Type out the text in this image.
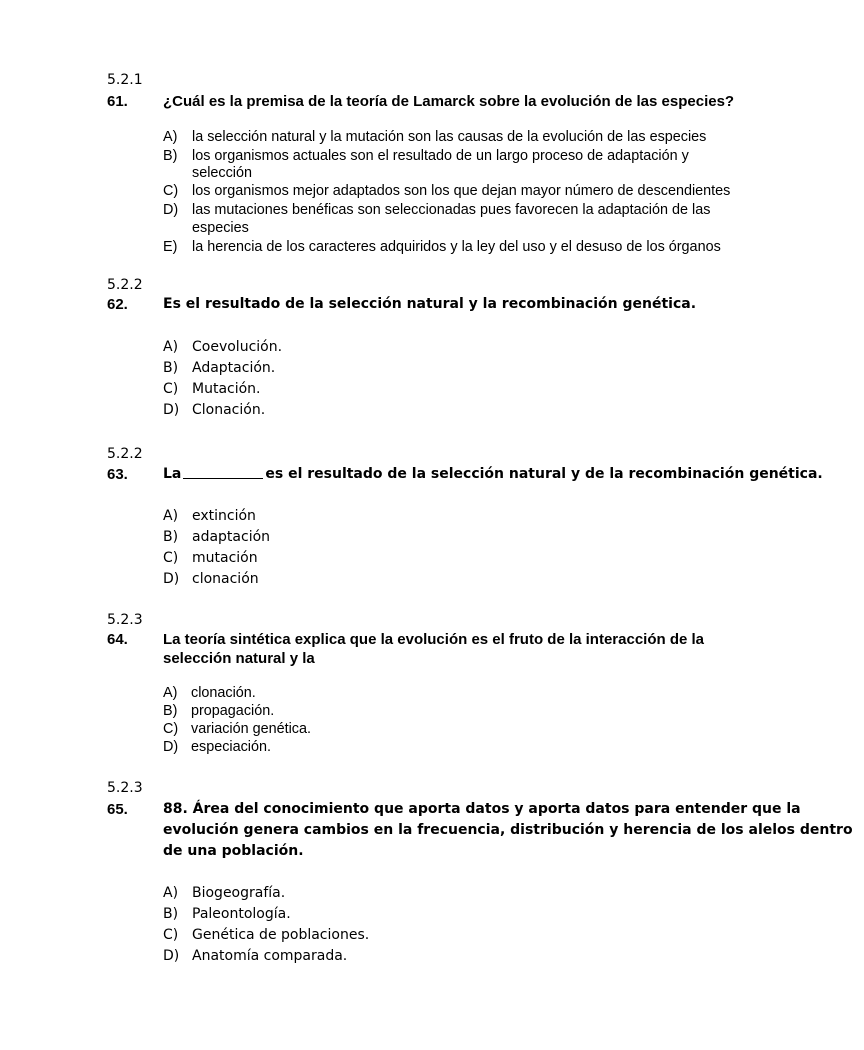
5.2.1
61. ¿Cuál es la premisa de la teoría de Lamarck sobre la evolución de las especies?
A) la selección natural y la mutación son las causas de la evolución de las especies
B) los organismos actuales son el resultado de un largo proceso de adaptación y
selección
C) los organismos mejor adaptados son los que dejan mayor número de descendientes
D) las mutaciones benéficas son seleccionadas pues favorecen la adaptación de las
especies
E) la herencia de los caracteres adquiridos y la ley del uso y el desuso de los órganos
5.2.2
62.	Es el resultado de la selección natural y la recombinación genética.
A) Coevolución.
B) Adaptación.
C) Mutación.
D) Clonación.
5.2.2
63.	La	es el resultado de la selección natural y de la recombinación genética.
A) extinción
B) adaptación
C) mutación
D) clonación
5.2.3
64. La teoría sintética explica que la evolución es el fruto de la interacción de la
selección natural y la
A) clonación.
B) propagación.
C) variación genética.
D) especiación.
5.2.3
65.	88. Área del conocimiento que aporta datos y aporta datos para entender que la
evolución genera cambios en la frecuencia, distribución y herencia de los alelos dentro
de una población.
A) Biogeografía.
B) Paleontología.
C) Genética de poblaciones.
D) Anatomía comparada.
